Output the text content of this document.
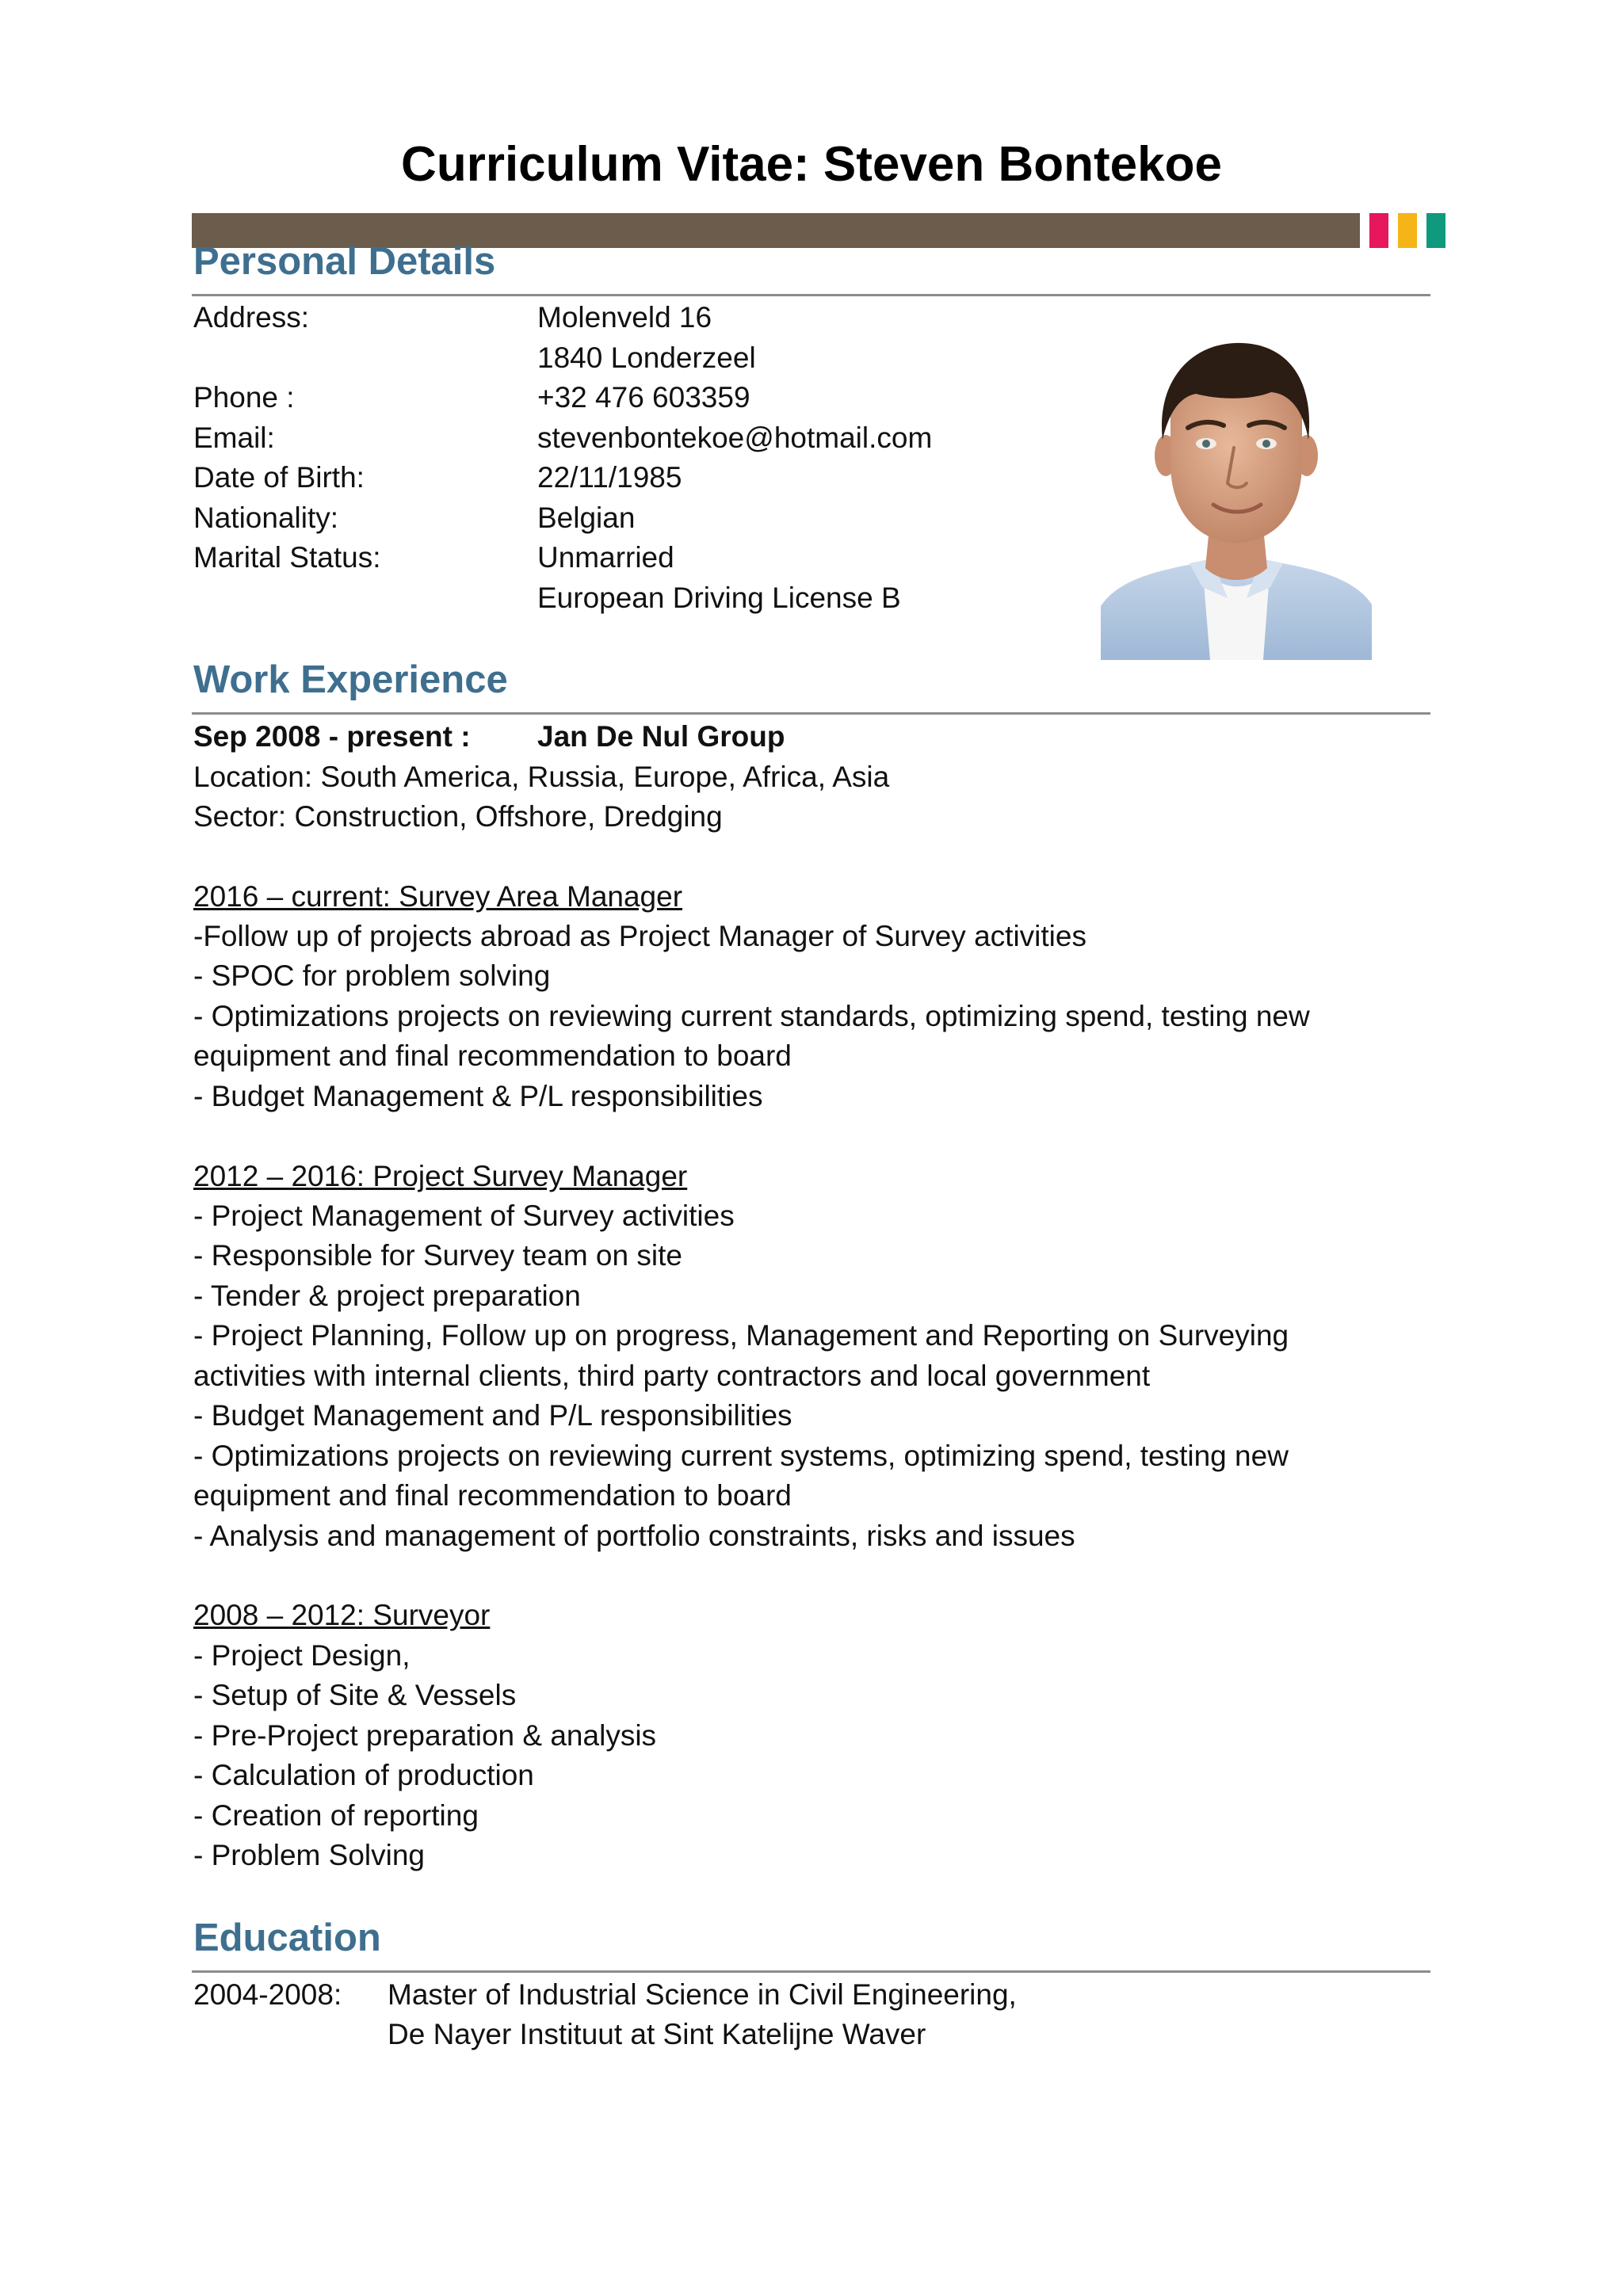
Curriculum Vitae: Steven Bontekoe
Personal Details
Address:	Molenveld 16
1840 Londerzeel
Phone :	+32 476 603359
Email:	stevenbontekoe@hotmail.com
Date of Birth:	22/11/1985
Nationality:	Belgian
Marital Status:	Unmarried
European Driving License B
Work Experience
Sep 2008 - present : Jan De Nul Group
Location: South America, Russia, Europe, Africa, Asia
Sector: Construction, Offshore, Dredging
2016 – current: Survey Area Manager
-Follow up of projects abroad as Project Manager of Survey activities
- SPOC for problem solving
- Optimizations projects on reviewing current standards, optimizing spend, testing new
equipment and final recommendation to board
- Budget Management & P/L responsibilities
2012 – 2016: Project Survey Manager
- Project Management of Survey activities
- Responsible for Survey team on site
- Tender & project preparation
- Project Planning, Follow up on progress, Management and Reporting on Surveying
activities with internal clients, third party contractors and local government
- Budget Management and P/L responsibilities
- Optimizations projects on reviewing current systems, optimizing spend, testing new
equipment and final recommendation to board
- Analysis and management of portfolio constraints, risks and issues
2008 – 2012: Surveyor
- Project Design,
- Setup of Site & Vessels
- Pre-Project preparation & analysis
- Calculation of production
- Creation of reporting
- Problem Solving
Education
2004-2008: Master of Industrial Science in Civil Engineering,
De Nayer Instituut at Sint Katelijne Waver
